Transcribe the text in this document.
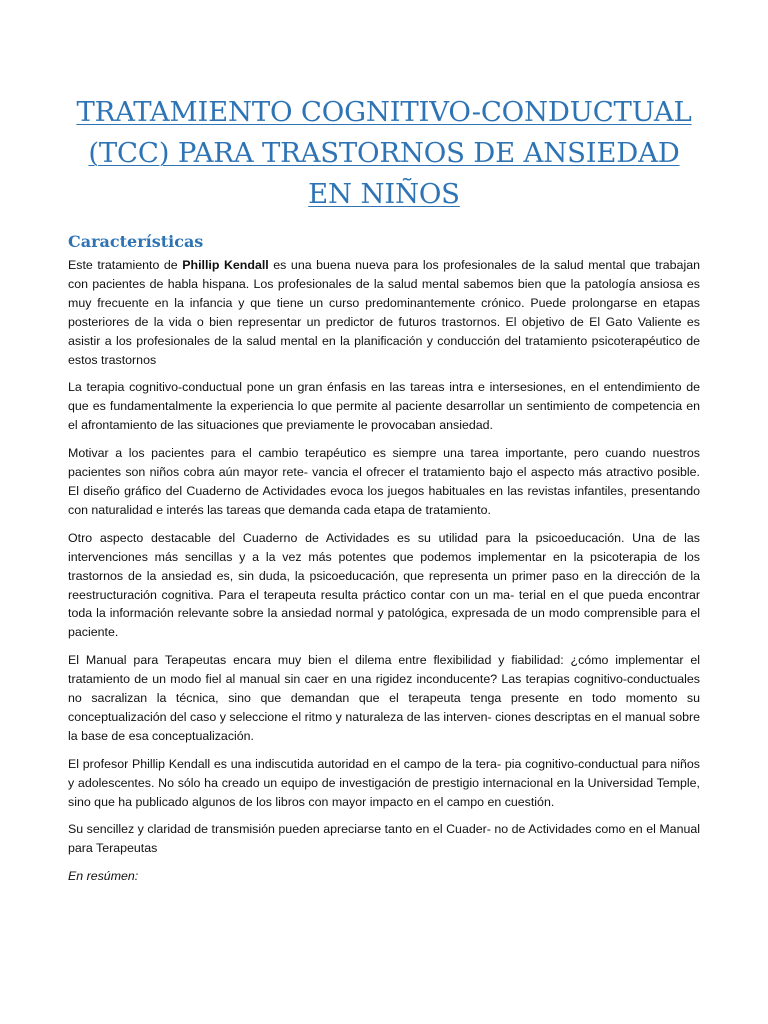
TRATAMIENTO COGNITIVO-CONDUCTUAL (TCC) PARA TRASTORNOS DE ANSIEDAD EN NIÑOS
Características

Este tratamiento de Phillip Kendall es una buena nueva para los profesionales de la salud mental que trabajan con pacientes de habla hispana. Los profesionales de la salud mental sabemos bien que la patología ansiosa es muy frecuente en la infancia y que tiene un curso predominantemente crónico. Puede prolongarse en etapas posteriores de la vida o bien representar un predictor de futuros trastornos. El objetivo de El Gato Valiente es asistir a los profesionales de la salud mental en la planificación y conducción del tratamiento psicoterapéutico de estos trastornos

La terapia cognitivo-conductual pone un gran énfasis en las tareas intra e intersesiones, en el entendimiento de que es fundamentalmente la experiencia lo que permite al paciente desarrollar un sentimiento de competencia en el afrontamiento de las situaciones que previamente le provocaban ansiedad.

Motivar a los pacientes para el cambio terapéutico es siempre una tarea importante, pero cuando nuestros pacientes son niños cobra aún mayor rete- vancia el ofrecer el tratamiento bajo el aspecto más atractivo posible. El diseño gráfico del Cuaderno de Actividades evoca los juegos habituales en las revistas infantiles, presentando con naturalidad e interés las tareas que demanda cada etapa de tratamiento.

Otro aspecto destacable del Cuaderno de Actividades es su utilidad para la psicoeducación. Una de las intervenciones más sencillas y a la vez más potentes que podemos implementar en la psicoterapia de los trastornos de la ansiedad es, sin duda, la psicoeducación, que representa un primer paso en la dirección de la reestructuración cognitiva. Para el terapeuta resulta práctico contar con un ma- terial en el que pueda encontrar toda la información relevante sobre la ansiedad normal y patológica, expresada de un modo comprensible para el paciente.

El Manual para Terapeutas encara muy bien el dilema entre flexibilidad y fiabilidad: ¿cómo implementar el tratamiento de un modo fiel al manual sin caer en una rigidez inconducente? Las terapias cognitivo-conductuales no sacralizan la técnica, sino que demandan que el terapeuta tenga presente en todo momento su conceptualización del caso y seleccione el ritmo y naturaleza de las interven- ciones descriptas en el manual sobre la base de esa conceptualización.

El profesor Phillip Kendall es una indiscutida autoridad en el campo de la tera- pia cognitivo-conductual para niños y adolescentes. No sólo ha creado un equipo de investigación de prestigio internacional en la Universidad Temple, sino que ha publicado algunos de los libros con mayor impacto en el campo en cuestión.

Su sencillez y claridad de transmisión pueden apreciarse tanto en el Cuader- no de Actividades como en el Manual para Terapeutas

En resúmen:
